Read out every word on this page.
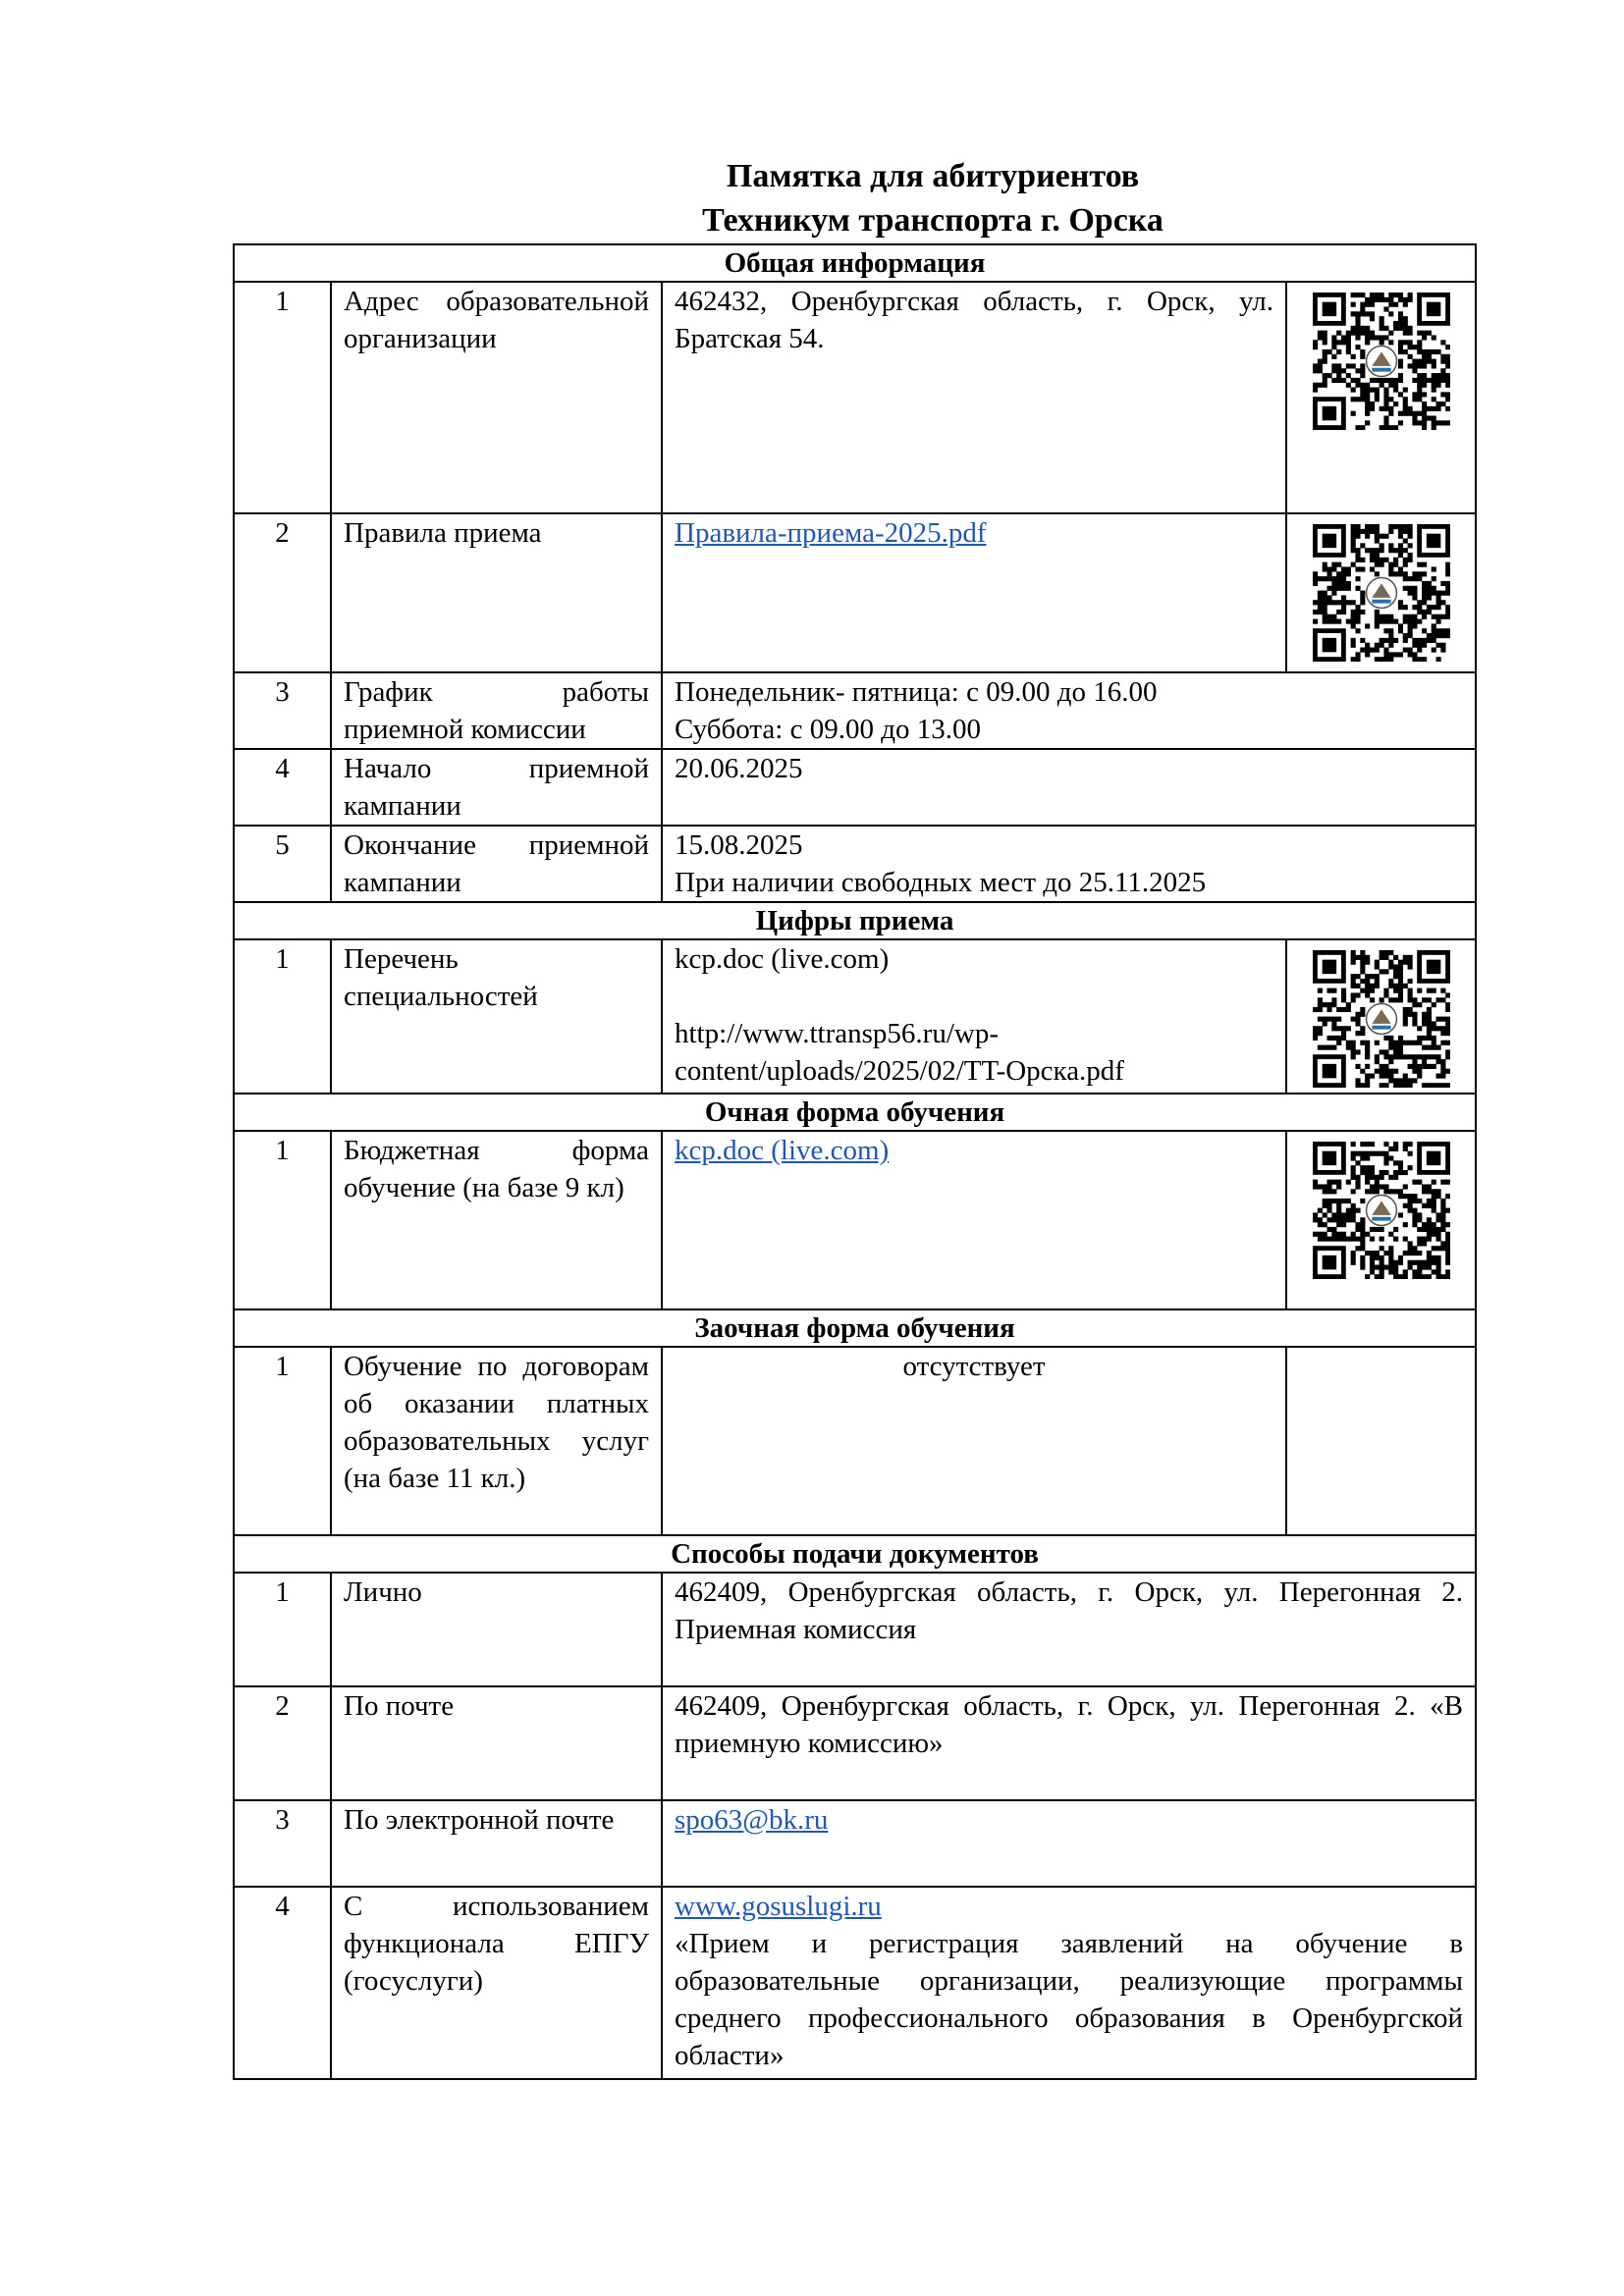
Памятка для абитуриентов
Техникум транспорта г. Орска
Общая информация			
1	Адрес образовательной организации	462432, Оренбургская область, г. Орск, ул. Братская 54.	

2	Правила приема	Правила-приема-2025.pdf	

3	График работы приемной комиссии	Понедельник- пятница: с 09.00 до 16.00
Суббота: с 09.00 до 13.00	

4	Начало приемной кампании	20.06.2025	
5	Окончание приемной кампании	15.08.2025
При наличии свободных мест до 25.11.2025	

Цифры приема			
1	Перечень специальностей	kcp.doc (live.com)
http://www.ttransp56.ru/wp-content/uploads/2025/02/TT-Орска.pdf

Очная форма обучения			
1	Бюджетная форма обучение (на базе 9 кл)	kcp.doc (live.com)	

Заочная форма обучения			
1	Обучение по договорам об оказании платных образовательных услуг (на базе 11 кл.)	отсутствует	
Способы подачи документов			
1	Лично	462409, Оренбургская область, г. Орск, ул. Перегонная 2. Приемная комиссия	
2	По почте	462409, Оренбургская область, г. Орск, ул. Перегонная 2. «В приемную комиссию»	
3	По электронной почте	spo63@bk.ru	
4	С использованием функционала ЕПГУ (госуслуги)	www.gosuslugi.ru
«Прием и регистрация заявлений на обучение в образовательные организации, реализующие программы среднего профессионального образования в Оренбургской области»	
